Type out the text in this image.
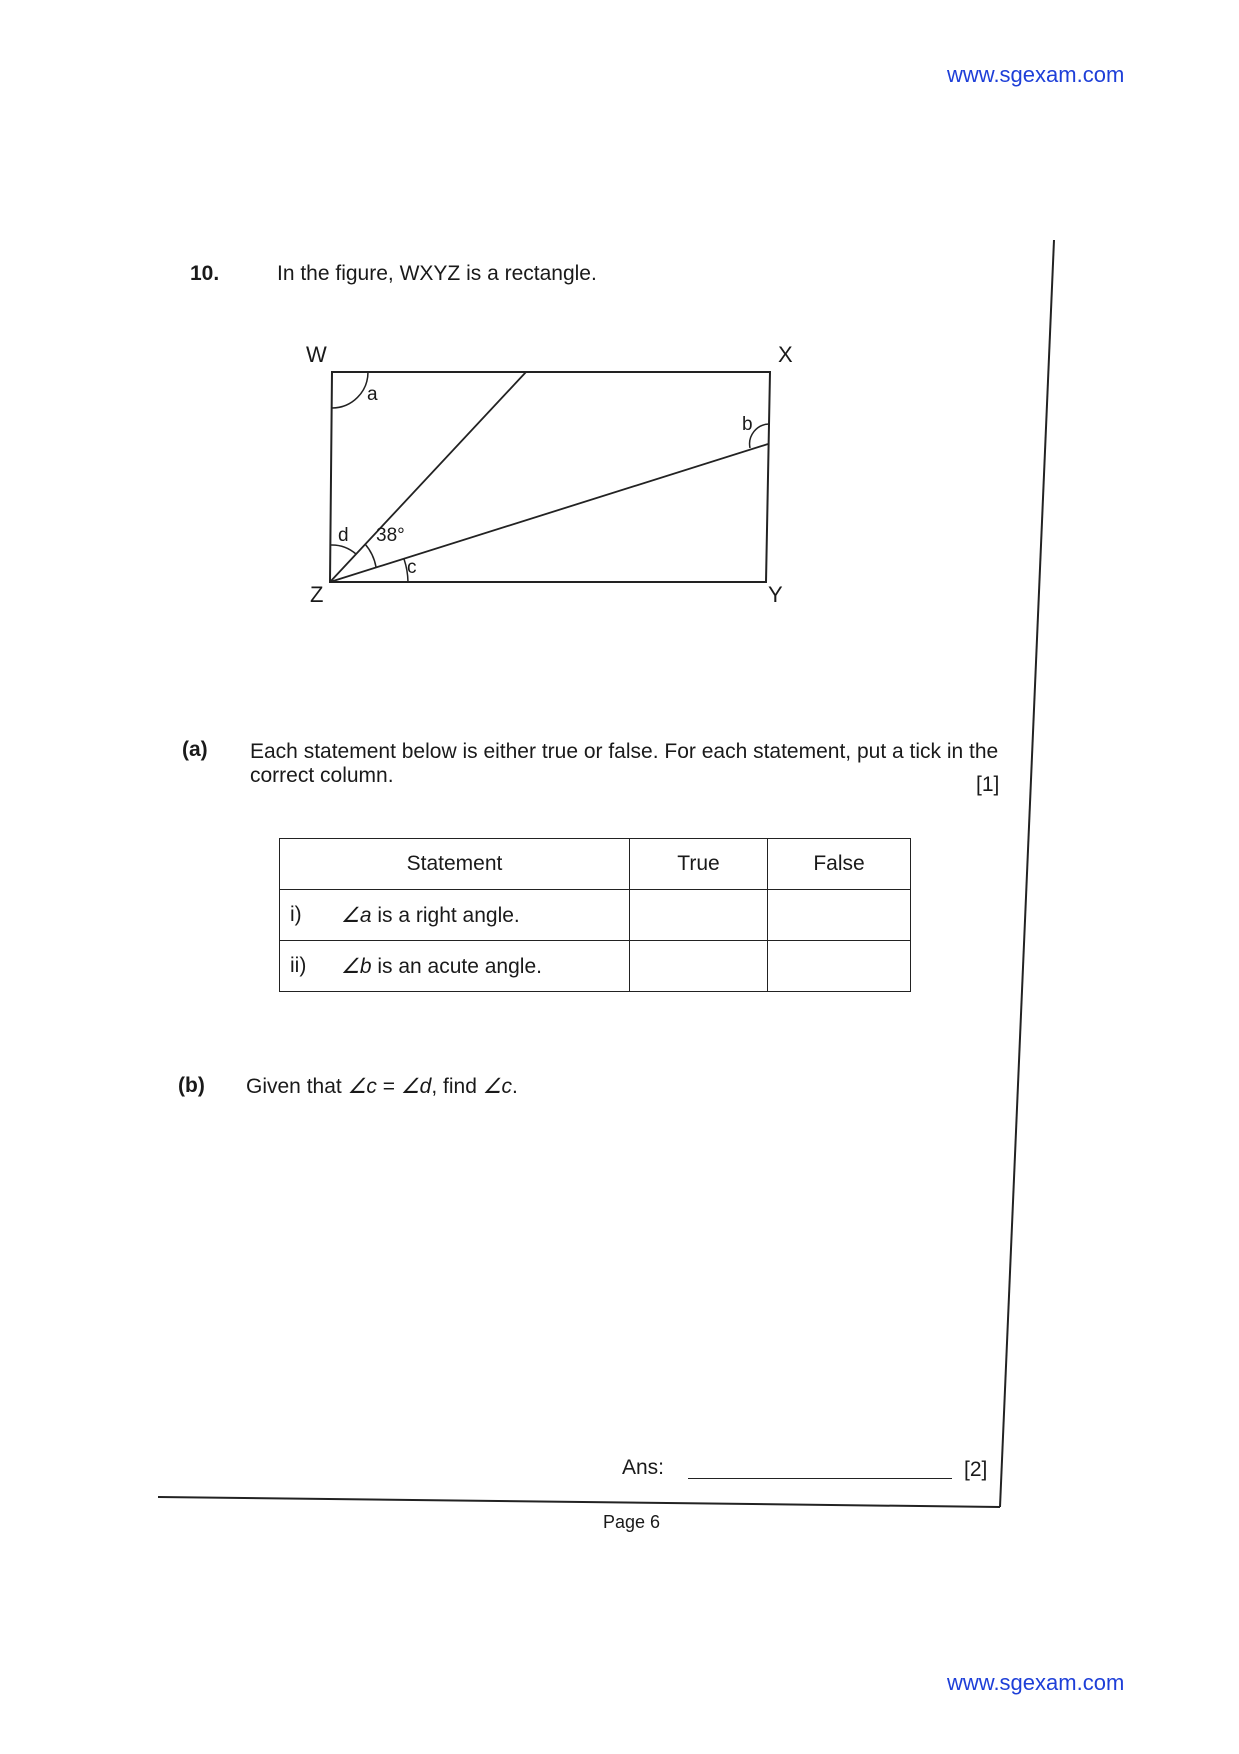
www.sgexam.com
www.sgexam.com
10.	In the figure, WXYZ is a rectangle.
W	X
Y
Z
a
b
c
d 38°
(a) Each statement below is either true or false. For each statement, put a tick in the correct column.	[1]
Statement		True	False
i)	∠a is a right angle.		
ii)	∠b is an acute angle.		
(b) Given that ∠c = ∠d, find ∠c.
Ans:	[2]
Page 6
